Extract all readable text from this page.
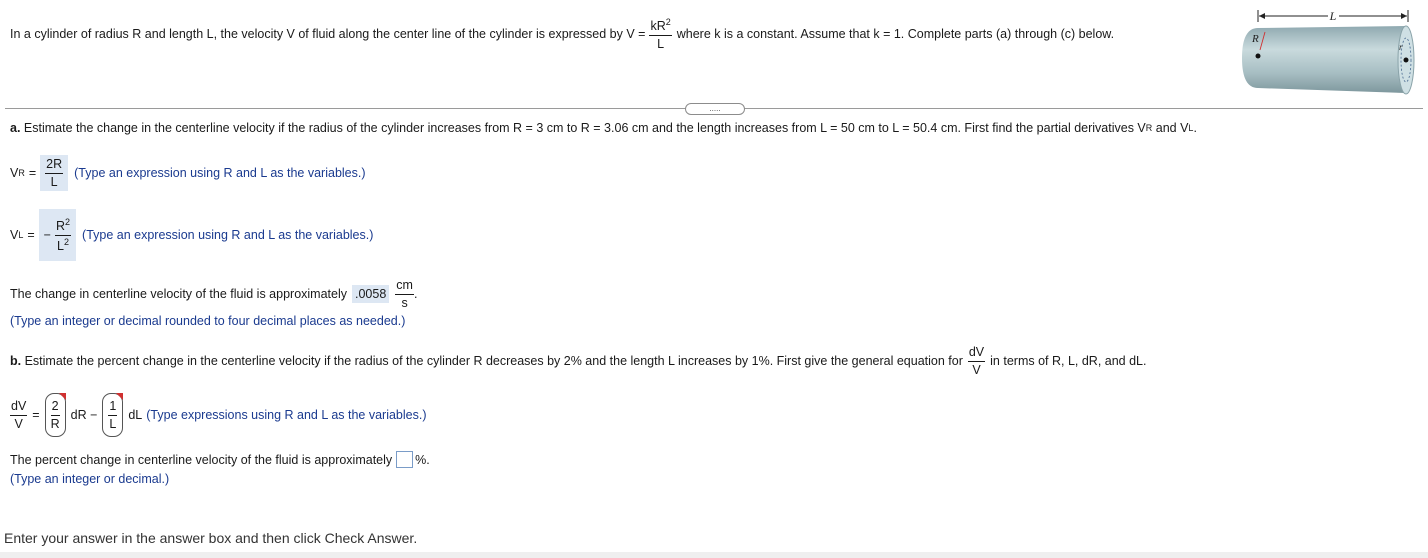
In a cylinder of radius R and length L, the velocity V of fluid along the center line of the cylinder is expressed by $V = \frac{kR^2}{L}$ where k is a constant. Assume that k = 1. Complete parts (a) through (c) below.
L
R
r
.....
a.
Estimate the change in the centerline velocity if the radius of the cylinder increases from R = 3 cm to R = 3.06 cm and the length increases from L = 50 cm to L = 50.4 cm. First find the partial derivatives V R
and V L .
V $R = \frac{2R}{L}$ (Type an expression using R and L as the variables.)
V L = − $\frac{R^2}{L^2}$ (Type an expression using R and L as the variables.)
The change in centerline velocity of the fluid is approximately $.0058 \frac{cm}{s}$ .
(Type an integer or decimal rounded to four decimal places as needed.)
b.
Estimate the percent change in the centerline velocity if the radius of the cylinder R decreases by 2% and the length L increases by 1%. First give the general equation for $\frac{dV}{V}$ in terms of R, L, dR, and dL.
$\frac{dV}{V} = \frac{2}{R}$ dR − $\frac{1}{L}$ dL (Type expressions using R and L as the variables.)
The percent change in centerline velocity of the fluid is approximately %.
(Type an integer or decimal.)
Enter your answer in the answer box and then click Check Answer.
